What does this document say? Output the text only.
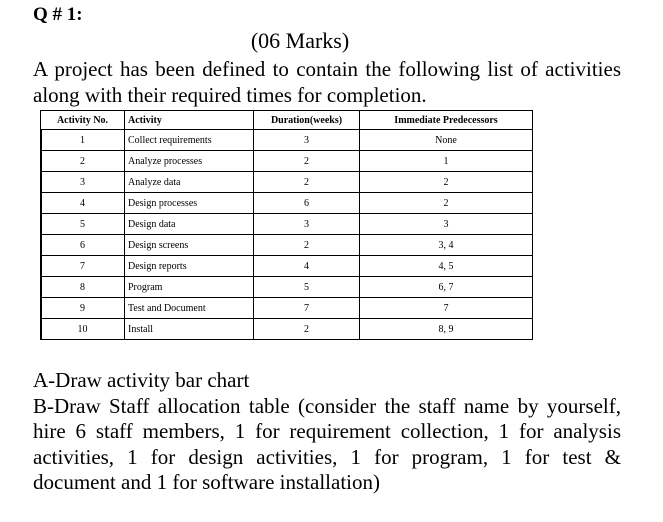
Q # 1:
(06 Marks)
A project has been defined to contain the following list of activities along with their required times for completion.
Activity No.	Activity	Duration(weeks)	Immediate Predecessors
1	Collect requirements	3	None
2	Analyze processes	2	1
3	Analyze data	2	2
4	Design processes	6	2
5	Design data	3	3
6	Design screens	2	3, 4
7	Design reports	4	4, 5
8	Program	5	6, 7
9	Test and Document	7	7
10	Install	2	8, 9

A-Draw activity bar chart

B-Draw Staff allocation table (consider the staff name by yourself, hire 6 staff members, 1 for requirement collection, 1 for analysis activities, 1 for design activities, 1 for program, 1 for test & document and 1 for software installation)
